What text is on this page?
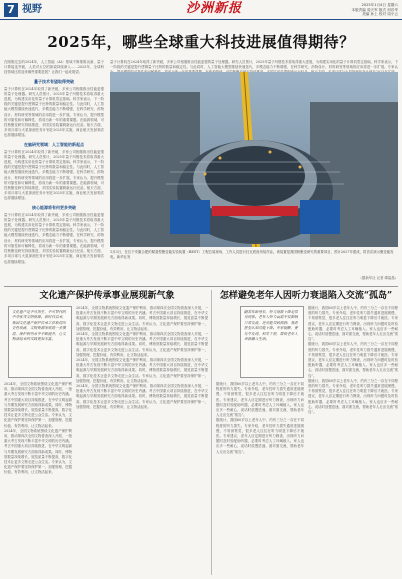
7 视野	沙洲新报	2025年1月4日 星期六
本版责编 周天军 版式 何若华
美编 孙上 校对 周小云
2025年，哪些全球重大科技进展值得期待？

在刚刚过去的2024年，人工智能（AI）领域不断推陈出新，量子计算接连突破，人类对太空的探索持续深入……2025年，全球科技领域还将迎来哪些重要进展？让我们一起来展望。

量子技术有望取得突破

量子计算机在2024年取得了新突破，多家公司相继推出性能更强的量子处理器。研究人员预计，2025年量子纠错技术将取得重大进展，为构建实用化的量子计算机奠定基础。科学家表示，下一阶段的关键是提升逻辑量子比特的数量和稳定性。与此同时，人工智能大模型继续快速迭代，多模态能力不断增强，在科学研究、药物设计、材料研发等领域的应用将进一步扩展。专家认为，提升模型的可靠性和可解释性，将成为新一年的重要课题。在能源领域，可控核聚变研究持续推进，多国实验装置刷新运行纪录。航天方面，多项月球与火星探测任务计划在2025年实施，商业航天发射频次也将继续增加。

在脑研究领域：人工智能的新起点

量子计算机在2024年取得了新突破，多家公司相继推出性能更强的量子处理器。研究人员预计，2025年量子纠错技术将取得重大进展，为构建实用化的量子计算机奠定基础。科学家表示，下一阶段的关键是提升逻辑量子比特的数量和稳定性。与此同时，人工智能大模型继续快速迭代，多模态能力不断增强，在科学研究、药物设计、材料研发等领域的应用将进一步扩展。专家认为，提升模型的可靠性和可解释性，将成为新一年的重要课题。在能源领域，可控核聚变研究持续推进，多国实验装置刷新运行纪录。航天方面，多项月球与火星探测任务计划在2025年实施，商业航天发射频次也将继续增加。

核心能源将有何更多突破

量子计算机在2024年取得了新突破，多家公司相继推出性能更强的量子处理器。研究人员预计，2025年量子纠错技术将取得重大进展，为构建实用化的量子计算机奠定基础。科学家表示，下一阶段的关键是提升逻辑量子比特的数量和稳定性。与此同时，人工智能大模型继续快速迭代，多模态能力不断增强，在科学研究、药物设计、材料研发等领域的应用将进一步扩展。专家认为，提升模型的可靠性和可解释性，将成为新一年的重要课题。在能源领域，可控核聚变研究持续推进，多国实验装置刷新运行纪录。航天方面，多项月球与火星探测任务计划在2025年实施，商业航天发射频次也将继续增加。

量子计算机在2024年取得了新突破，多家公司相继推出性能更强的量子处理器。研究人员预计，2025年量子纠错技术将取得重大进展，为构建实用化的量子计算机奠定基础。科学家表示，下一阶段的关键是提升逻辑量子比特的数量和稳定性。与此同时，人工智能大模型继续快速迭代，多模态能力不断增强，在科学研究、药物设计、材料研发等领域的应用将进一步扩展。专家认

1月3日，在位于安徽合肥的紧凑型聚变能实验装置（BEST）工程总装现场，工作人员进行杜瓦底座吊装作业。该装置是我国核聚变研究的重要项目，预计2027年建成，将首次演示聚变能发电。新华社发

（据新华社 记者 谭晶晶）
文化遗产保护传承事业展现新气象	怎样避免老年人因听力衰退陷入交流“孤岛”

文化遗产是不可再生、不可替代的中华优秀文明资源。新时代以来，我国文化遗产保护传承工作取得历史性成就，文物资源家底进一步摸清，保护利用水平不断提升，让文物活起来的实践更加丰富。

2024年，全国文物系统围绕文化遗产保护利用，推动第四次全国文物普查深入开展，一批重大考古发现不断丰富中华文明的历史内涵。考古中国重大项目持续推进，在中华文明起源与早期发展研究方面取得新成果。同时，博物馆数量持续增长，展览质量不断提高，数字化技术让更多文物走进公众生活。专家认为，文化遗产保护要坚持保护第一，加强管理，挖掘价值，有效利用，让文物活起来。

2024年，全国文物系统围绕文化遗产保护利用，推动第四次全国文物普查深入开展，一批重大考古发现不断丰富中华文明的历史内涵。考古中国重大项目持续推进，在中华文明起源与早期发展研究方面取得新成果。同时，博物馆数量持续增长，展览质量不断提高，数字化技术让更多文物走进公众生活。专家认为，文化遗产保护要坚持保护第一，加强管理，挖掘价值，有效利用，让文物活起来。

2024年，全国文物系统围绕文化遗产保护利用，推动第四次全国文物普查深入开展，一批重大考古发现不断丰富中华文明的历史内涵。考古中国重大项目持续推进，在中华文明起源与早期发展研究方面取得新成果。同时，博物馆数量持续增长，展览质量不断提高，数字化技术让更多文物走进公众生活。专家认为，文化遗产保护要坚持保护第一，加强管理，挖掘价值，有效利用，让文物活起来。

2024年，全国文物系统围绕文化遗产保护利用，推动第四次全国文物普查深入开展，一批重大考古发现不断丰富中华文明的历史内涵。考古中国重大项目持续推进，在中华文明起源与早期发展研究方面取得新成果。同时，博物馆数量持续增长，展览质量不断提高，数字化技术让更多文物走进公众生活。专家认为，文化遗产保护要坚持保护第一，加强管理，挖掘价值，有效利用，让文物活起来。

2024年，全国文物系统围绕文化遗产保护利用，推动第四次全国文物普查深入开展，一批重大考古发现不断丰富中华文明的历史内涵。考古中国重大项目持续推进，在中华文明起源与早期发展研究方面取得新成果。同时，博物馆数量持续增长，展览质量不断提高，数字化技术让更多文物走进公众生活。专家认为，文化遗产保护要坚持保护第一，加强管理，挖掘价值，有效利用，让文物活起来。

2024年，全国文物系统围绕文化遗产保护利用，推动第四次全国文物普查深入开展，一批重大考古发现不断丰富中华文明的历史内涵。考古中国重大项目持续推进，在中华文明起源与早期发展研究方面取得新成果。同时，博物馆数量持续增长，展览质量不断提高，数字化技术让更多文物走进公众生活。专家认为，文化遗产保护要坚持保护第一，加强管理，挖掘价值，有效利用，让文物活起来。

随着年龄增长，听力逐渐下降是常见现象。老年人听力衰退不仅影响日常交流，还可能导致孤独、焦虑甚至认知功能下降。专家提醒，要及早发现、科学干预，帮助老年人重新融入生活。

据统计，我国60岁以上老年人中，约有三分之一存在不同程度的听力损失。专家介绍，老年性听力损失通常进展缓慢，不易被察觉，很多老人往往在听力明显下降后才就医。专家建议，老年人应定期进行听力筛查，出现听力问题时及时验配助听器，必要时考虑人工耳蜗植入。家人也应多一些耐心，说话时放慢语速、面对面交流，帮助老年人走出交流“孤岛”。

据统计，我国60岁以上老年人中，约有三分之一存在不同程度的听力损失。专家介绍，老年性听力损失通常进展缓慢，不易被察觉，很多老人往往在听力明显下降后才就医。专家建议，老年人应定期进行听力筛查，出现听力问题时及时验配助听器，必要时考虑人工耳蜗植入。家人也应多一些耐心，说话时放慢语速、面对面交流，帮助老年人走出交流“孤岛”。

据统计，我国60岁以上老年人中，约有三分之一存在不同程度的听力损失。专家介绍，老年性听力损失通常进展缓慢，不易被察觉，很多老人往往在听力明显下降后才就医。专家建议，老年人应定期进行听力筛查，出现听力问题时及时验配助听器，必要时考虑人工耳蜗植入。家人也应多一些耐心，说话时放慢语速、面对面交流，帮助老年人走出交流“孤岛”。

据统计，我国60岁以上老年人中，约有三分之一存在不同程度的听力损失。专家介绍，老年性听力损失通常进展缓慢，不易被察觉，很多老人往往在听力明显下降后才就医。专家建议，老年人应定期进行听力筛查，出现听力问题时及时验配助听器，必要时考虑人工耳蜗植入。家人也应多一些耐心，说话时放慢语速、面对面交流，帮助老年人走出交流“孤岛”。

据统计，我国60岁以上老年人中，约有三分之一存在不同程度的听力损失。专家介绍，老年性听力损失通常进展缓慢，不易被察觉，很多老人往往在听力明显下降后才就医。专家建议，老年人应定期进行听力筛查，出现听力问题时及时验配助听器，必要时考虑人工耳蜗植入。家人也应多一些耐心，说话时放慢语速、面对面交流，帮助老年人走出交流“孤岛”。
